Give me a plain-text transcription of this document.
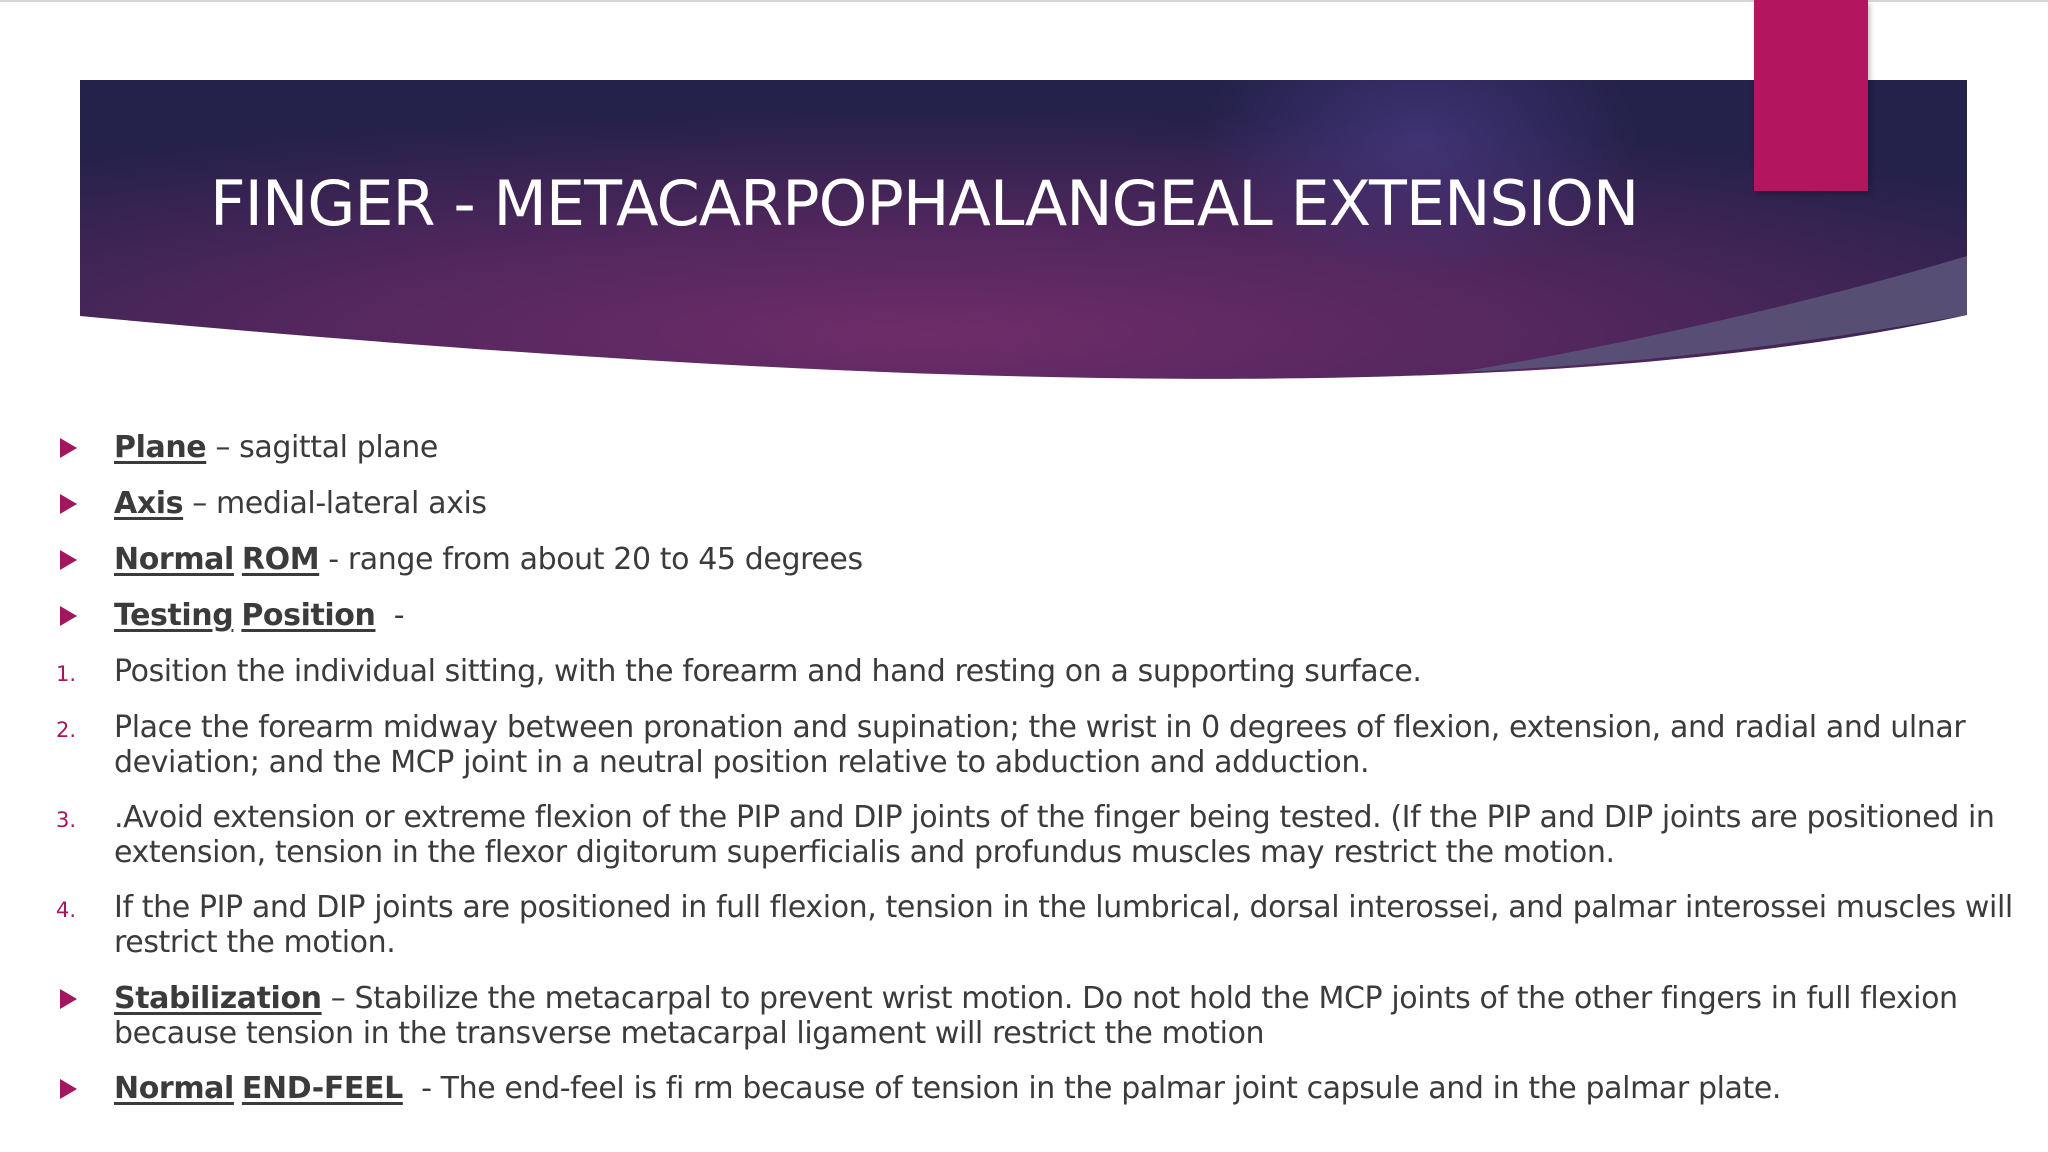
FINGER - METACARPOPHALANGEAL EXTENSION
Plane – sagittal plane
Axis – medial-lateral axis
Normal ROM - range from about 20 to 45 degrees
Testing Position  -
1.	Position the individual sitting, with the forearm and hand resting on a supporting surface.
2.	Place the forearm midway between pronation and supination; the wrist in 0 degrees of flexion, extension, and radial and ulnar
deviation; and the MCP joint in a neutral position relative to abduction and adduction.
3.	.Avoid extension or extreme flexion of the PIP and DIP joints of the finger being tested. (If the PIP and DIP joints are positioned in
extension, tension in the flexor digitorum superficialis and profundus muscles may restrict the motion.
4.	If the PIP and DIP joints are positioned in full flexion, tension in the lumbrical, dorsal interossei, and palmar interossei muscles will
restrict the motion.
Stabilization – Stabilize the metacarpal to prevent wrist motion. Do not hold the MCP joints of the other fingers in full flexion
because tension in the transverse metacarpal ligament will restrict the motion
Normal END-FEEL  - The end-feel is fi rm because of tension in the palmar joint capsule and in the palmar plate.
